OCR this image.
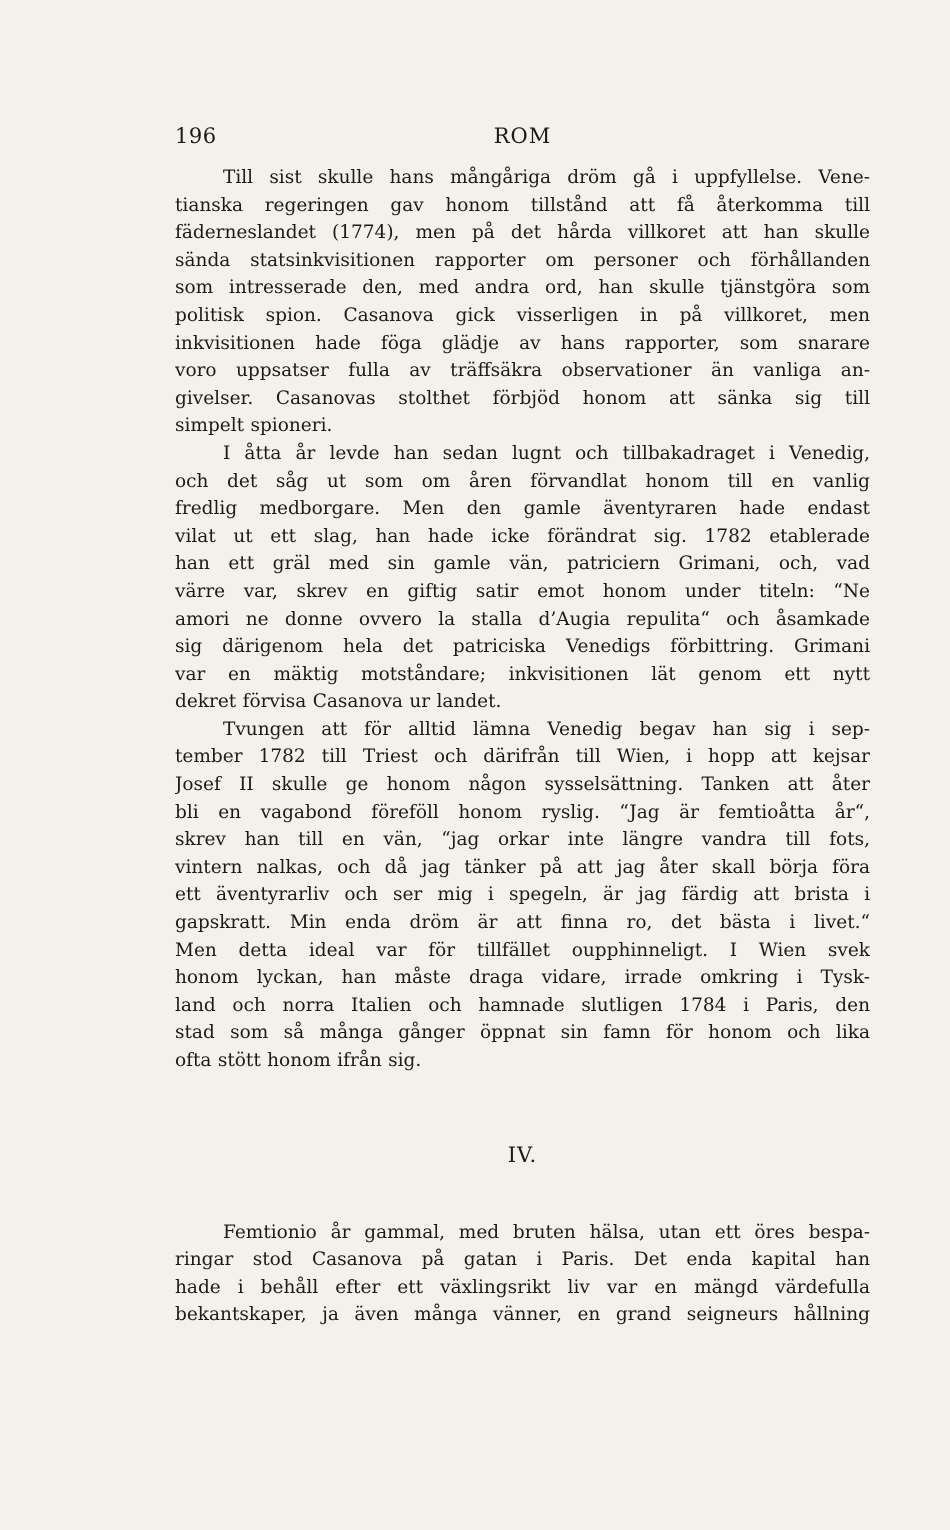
196	ROM

Till sist skulle hans mångåriga dröm gå i uppfyllelse. Vene-
tianska regeringen gav honom tillstånd att få återkomma till
fäderneslandet (1774), men på det hårda villkoret att han skulle
sända statsinkvisitionen rapporter om personer och förhållanden
som intresserade den, med andra ord, han skulle tjänstgöra som
politisk spion. Casanova gick visserligen in på villkoret, men
inkvisitionen hade föga glädje av hans rapporter, som snarare
voro uppsatser fulla av träffsäkra observationer än vanliga an-
givelser. Casanovas stolthet förbjöd honom att sänka sig till
simpelt spioneri.

I åtta år levde han sedan lugnt och tillbakadraget i Venedig,
och det såg ut som om åren förvandlat honom till en vanlig
fredlig medborgare. Men den gamle äventyraren hade endast
vilat ut ett slag, han hade icke förändrat sig. 1782 etablerade
han ett gräl med sin gamle vän, patriciern Grimani, och, vad
värre var, skrev en giftig satir emot honom under titeln: “Ne
amori ne donne ovvero la stalla d’Augia repulita“ och åsamkade
sig därigenom hela det patriciska Venedigs förbittring. Grimani
var en mäktig motståndare; inkvisitionen lät genom ett nytt
dekret förvisa Casanova ur landet.

Tvungen att för alltid lämna Venedig begav han sig i sep-
tember 1782 till Triest och därifrån till Wien, i hopp att kejsar
Josef II skulle ge honom någon sysselsättning. Tanken att åter
bli en vagabond föreföll honom ryslig. “Jag är femtioåtta år“,
skrev han till en vän, “jag orkar inte längre vandra till fots,
vintern nalkas, och då jag tänker på att jag åter skall börja föra
ett äventyrarliv och ser mig i spegeln, är jag färdig att brista i
gapskratt. Min enda dröm är att finna ro, det bästa i livet.“
Men detta ideal var för tillfället oupphinneligt. I Wien svek
honom lyckan, han måste draga vidare, irrade omkring i Tysk-
land och norra Italien och hamnade slutligen 1784 i Paris, den
stad som så många gånger öppnat sin famn för honom och lika
ofta stött honom ifrån sig.

IV.

Femtionio år gammal, med bruten hälsa, utan ett öres bespa-
ringar stod Casanova på gatan i Paris. Det enda kapital han
hade i behåll efter ett växlingsrikt liv var en mängd värdefulla
bekantskaper, ja även många vänner, en grand seigneurs hållning
